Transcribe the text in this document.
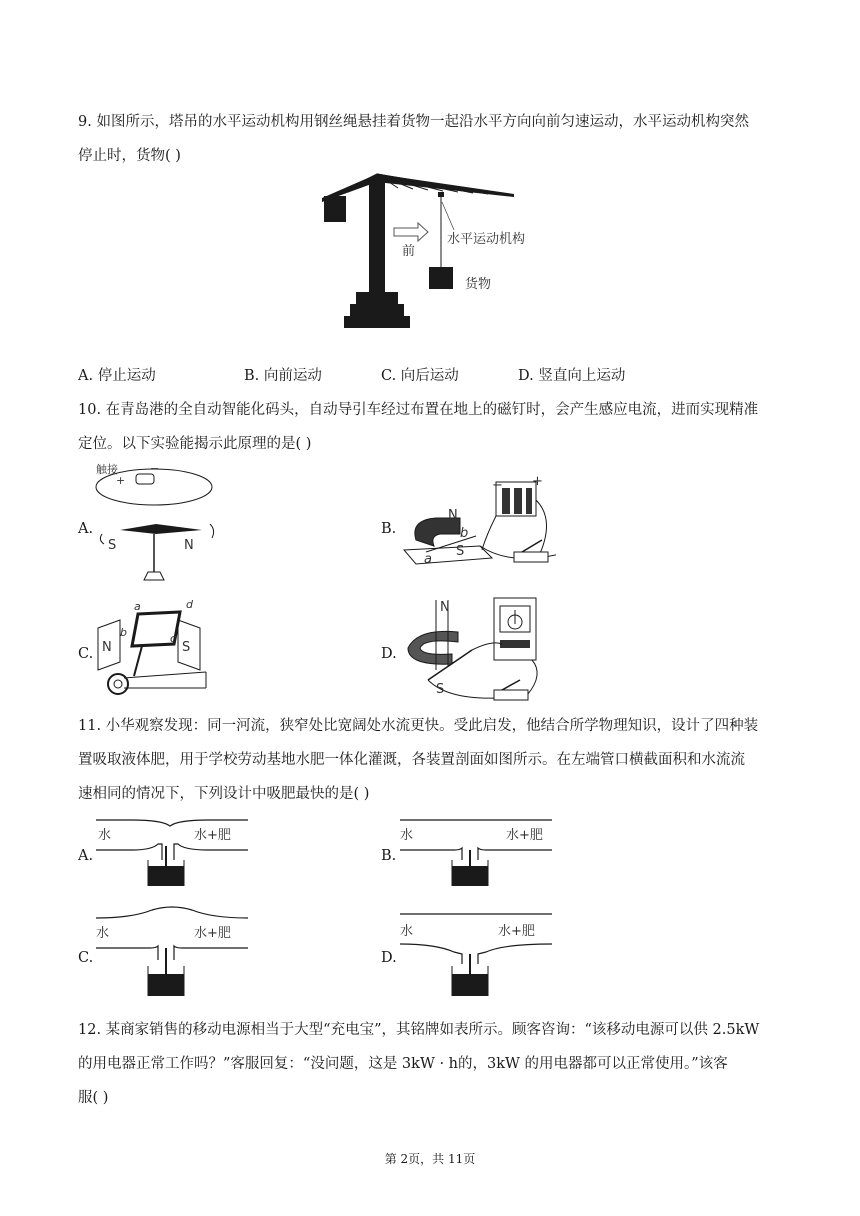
9. 如图所示，塔吊的水平运动机构用钢丝绳悬挂着货物一起沿水平方向向前匀速运动，水平运动机构突然
停止时，货物( )
水平运动机构
前
货物
A. 停止运动	B. 向前运动	C. 向后运动	D. 竖直向上运动
10. 在青岛港的全自动智能化码头，自动导引车经过布置在地上的磁钉时，会产生感应电流，进而实现精准
定位。以下实验能揭示此原理的是( )
A.
触接
+
−
S	N
B.
N
S
a
b
− +
C.
a
b	c
d
N	S	D.
N
S
11. 小华观察发现：同一河流，狭窄处比宽阔处水流更快。受此启发，他结合所学物理知识，设计了四种装
置吸取液体肥，用于学校劳动基地水肥一体化灌溉，各装置剖面如图所示。在左端管口横截面积和水流流
速相同的情况下，下列设计中吸肥最快的是( )
A.
水	水+肥
B.
水	水+肥
C.
水	水+肥
D.
水	水+肥
12. 某商家销售的移动电源相当于大型“充电宝”，其铭牌如表所示。顾客咨询：“该移动电源可以供 2.5kW
的用电器正常工作吗？”客服回复：“没问题，这是 3kW · h的，3kW 的用电器都可以正常使用。”该客
服( )
第 2页，共 11页
